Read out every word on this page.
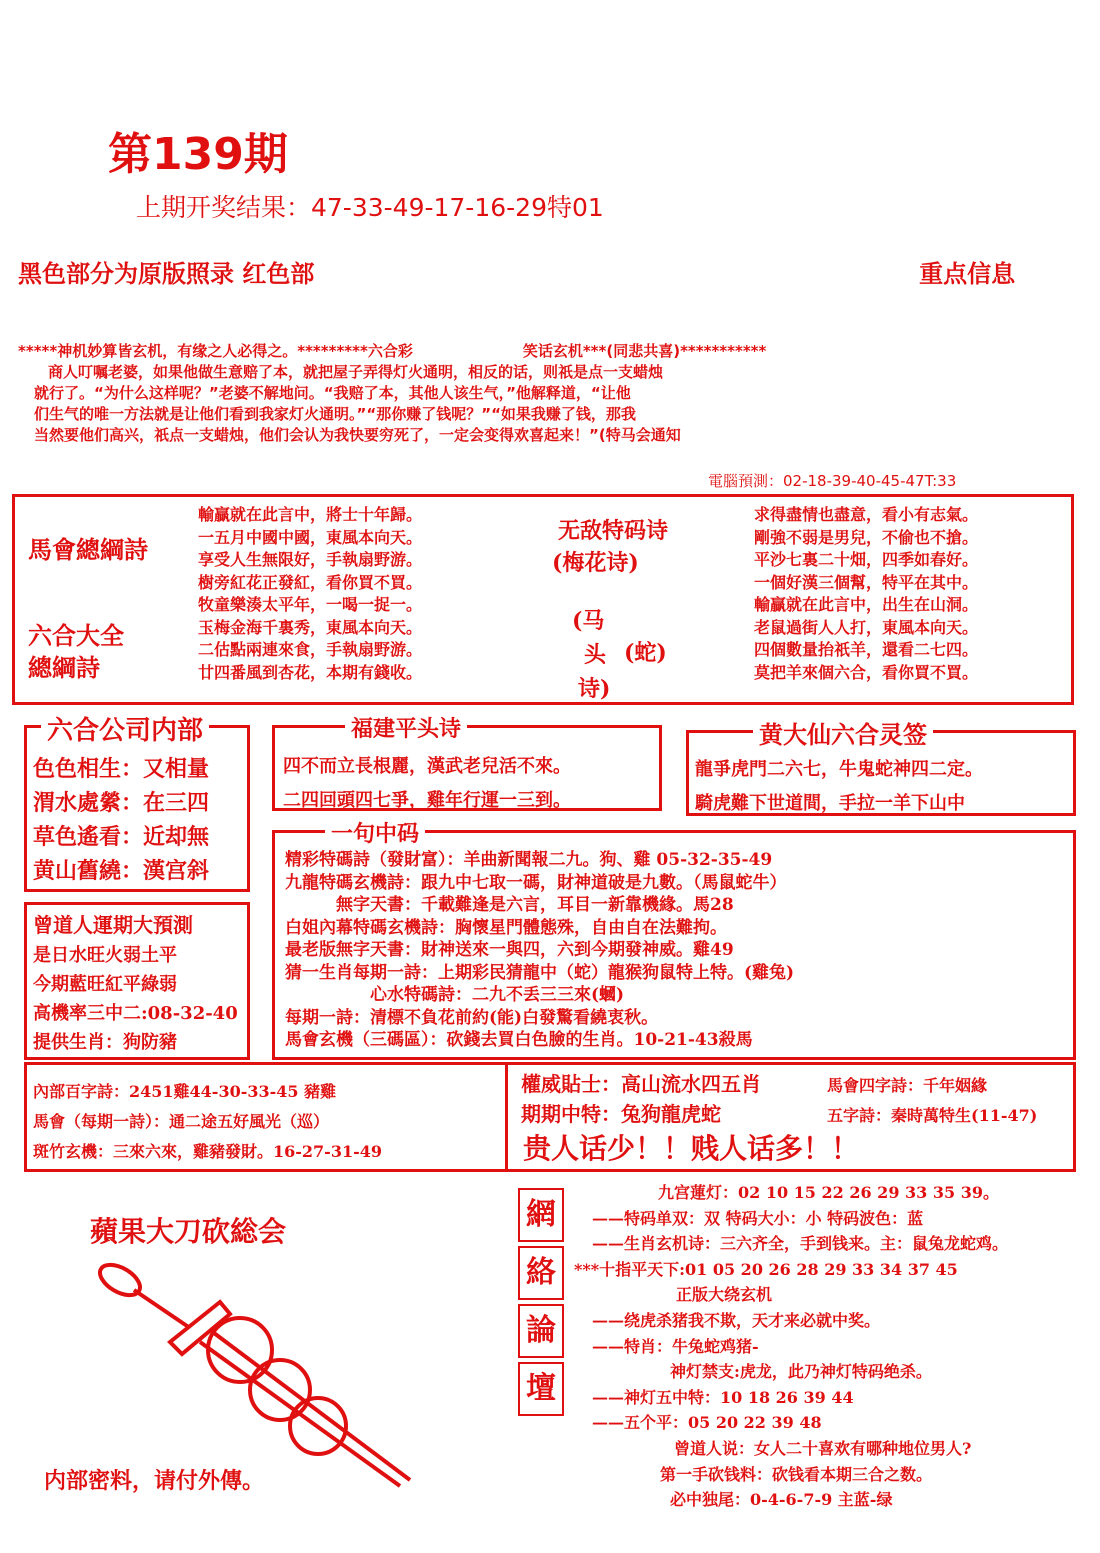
第139期
上期开奖结果：47-33-49-17-16-29特01
黑色部分为原版照录 红色部	重点信息
*****神机妙算皆玄机，有缘之人必得之。*********六合彩	笑话玄机***(同悲共喜)***********
商人叮嘱老婆，如果他做生意赔了本，就把屋子弄得灯火通明，相反的话，则祇是点一支蜡烛
就行了。“为什么这样呢？”老婆不解地问。“我赔了本，其他人该生气，”他解释道，“让他
们生气的唯一方法就是让他们看到我家灯火通明。”“那你赚了钱呢？”“如果我赚了钱，那我
当然要他们高兴，祇点一支蜡烛，他们会认为我快要穷死了，一定会变得欢喜起来！”(特马会通知
電腦預測：02-18-39-40-45-47T:33
馬會總綱詩
六合大全
總綱詩
輸贏就在此言中，將士十年歸。
一五月中國中國，東風本向天。
享受人生無限好，手執扇野游。
樹旁紅花正發紅，看你買不買。
牧童樂湊太平年，一喝一捉一。
玉梅金海千裏秀，東風本向天。
二估點兩連來食，手執扇野游。
廿四番風到杏花，本期有錢收。
无敌特码诗
(梅花诗)
(马
头 (蛇)
诗)
求得盡情也盡意，看小有志氣。
剛強不弱是男兒，不偷也不搶。
平沙七裏二十畑，四季如春好。
一個好漢三個幫，特平在其中。
輸贏就在此言中，出生在山洞。
老鼠過街人人打，東風本向天。
四個數量抬祇羊，還看二七四。
莫把羊來個六合，看你買不買。
六合公司内部
色色相生：又相量
渭水處縈：在三四
草色遙看：近却無
黄山舊繞：漢宫斜
福建平头诗
四不而立長根麗，漢武老兒活不來。
二四回頭四七爭，雞年行運一三到。
黄大仙六合灵签
龍爭虎門二六七，牛鬼蛇神四二定。
騎虎難下世道間，手拉一羊下山中
一句中码
精彩特碼詩（發財富）：羊曲新聞報二九。狗、雞 05-32-35-49
九龍特碼玄機詩：跟九中七取一碼，財神道破是九數。（馬鼠蛇牛）
　　　無字天書：千載難逢是六言，耳目一新靠機緣。馬28
白姐內幕特碼玄機詩：胸懷星門體態殊，自由自在法難拘。
最老版無字天書：財神送來一與四，六到今期發神威。雞49
猜一生肖每期一詩：上期彩民猜龍中（蛇）龍猴狗鼠特上特。(雞兔)
　　　　　心水特碼詩：二九不丢三三來(蟈)
每期一詩：清標不負花前約(能)白發驚看繞衷秋。
馬會玄機（三碼區）：砍錢去買白色臉的生肖。10-21-43殺馬
曾道人運期大預測
是日水旺火弱土平
今期藍旺紅平綠弱
高機率三中二:08-32-40
提供生肖：狗防豬
內部百字詩：2451雞44-30-33-45 豬雞
馬會（每期一詩）：通二途五好風光（巡）
斑竹玄機：三來六來，雞豬發財。16-27-31-49
權威貼士：高山流水四五肖
期期中特：兔狗龍虎蛇
馬會四字詩：千年姻緣
五字詩：秦時萬特生(11-47)
贵人话少！！贱人话多！！
蘋果大刀砍総会
内部密料，请付外傳。
網
絡
論
壇
九宫蓮灯：02 10 15 22 26 29 33 35 39。
——特码单双：双 特码大小：小 特码波色：蓝
——生肖玄机诗：三六齐全，手到钱来。主：鼠兔龙蛇鸡。
***十指平天下:01 05 20 26 28 29 33 34 37 45
正版大绕玄机
——绕虎杀猪我不欺，天才来必就中奖。
——特肖：牛兔蛇鸡猪-
神灯禁支:虎龙，此乃神灯特码绝杀。
——神灯五中特：10 18 26 39 44
——五个平：05 20 22 39 48
曾道人说：女人二十喜欢有哪种地位男人?
第一手砍钱料：砍钱看本期三合之数。
必中独尾：0-4-6-7-9 主蓝-绿
